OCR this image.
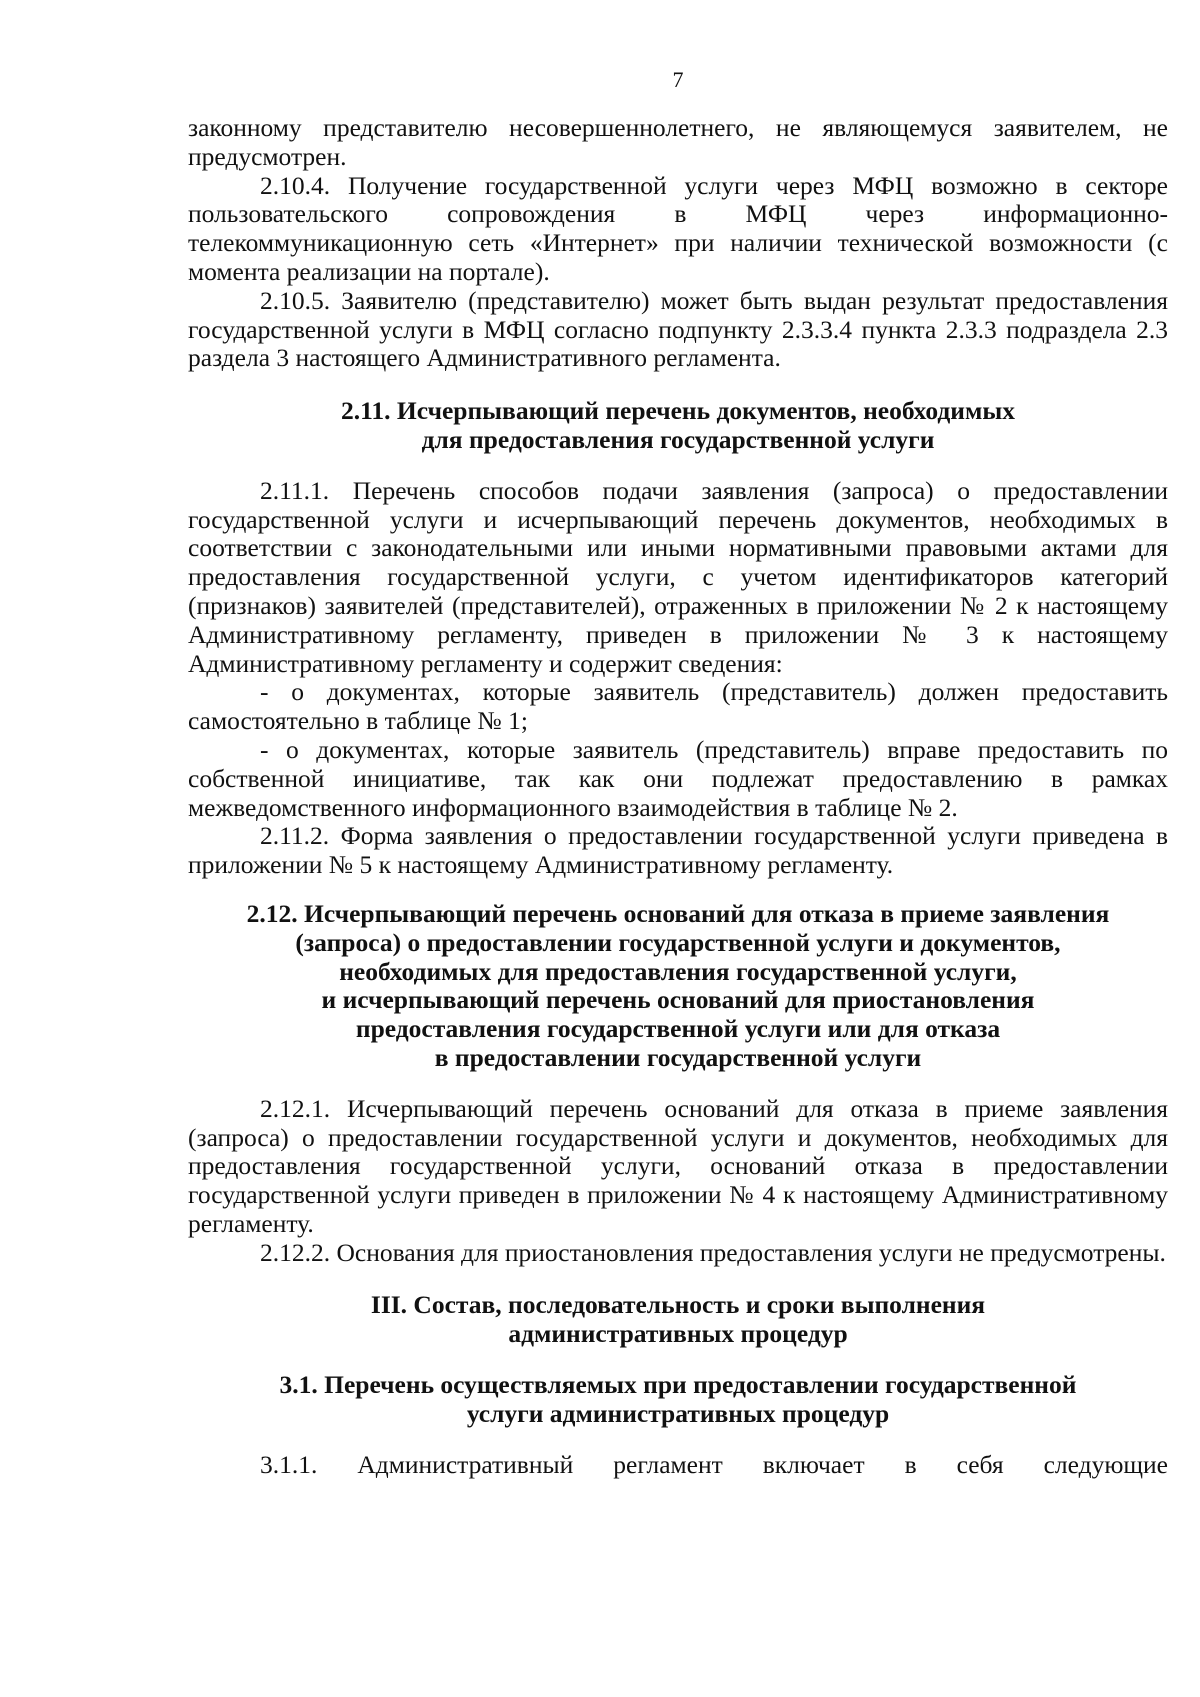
7

законному представителю несовершеннолетнего, не являющемуся заявителем, не предусмотрен.

2.10.4. Получение государственной услуги через МФЦ возможно в секторе пользовательского сопровождения в МФЦ через информационно-телекоммуникационную сеть «Интернет» при наличии технической возможности (с момента реализации на портале).

2.10.5. Заявителю (представителю) может быть выдан результат предоставления государственной услуги в МФЦ согласно подпункту 2.3.3.4 пункта 2.3.3 подраздела 2.3 раздела 3 настоящего Административного регламента.

2.11. Исчерпывающий перечень документов, необходимых
для предоставления государственной услуги

2.11.1. Перечень способов подачи заявления (запроса) о предоставлении государственной услуги и исчерпывающий перечень документов, необходимых в соответствии с законодательными или иными нормативными правовыми актами для предоставления государственной услуги, с учетом идентификаторов категорий (признаков) заявителей (представителей), отраженных в приложении № 2 к настоящему Административному регламенту, приведен в приложении № 3 к настоящему Административному регламенту и содержит сведения:

- о документах, которые заявитель (представитель) должен предоставить самостоятельно в таблице № 1;

- о документах, которые заявитель (представитель) вправе предоставить по собственной инициативе, так как они подлежат предоставлению в рамках межведомственного информационного взаимодействия в таблице № 2.

2.11.2. Форма заявления о предоставлении государственной услуги приведена в приложении № 5 к настоящему Административному регламенту.

2.12. Исчерпывающий перечень оснований для отказа в приеме заявления
(запроса) о предоставлении государственной услуги и документов,
необходимых для предоставления государственной услуги,
и исчерпывающий перечень оснований для приостановления
предоставления государственной услуги или для отказа
в предоставлении государственной услуги

2.12.1. Исчерпывающий перечень оснований для отказа в приеме заявления (запроса) о предоставлении государственной услуги и документов, необходимых для предоставления государственной услуги, оснований отказа в предоставлении государственной услуги приведен в приложении № 4 к настоящему Административному регламенту.

2.12.2. Основания для приостановления предоставления услуги не предусмотрены.

III. Состав, последовательность и сроки выполнения
административных процедур
3.1. Перечень осуществляемых при предоставлении государственной
услуги административных процедур

3.1.1. Административный регламент включает в себя следующие
